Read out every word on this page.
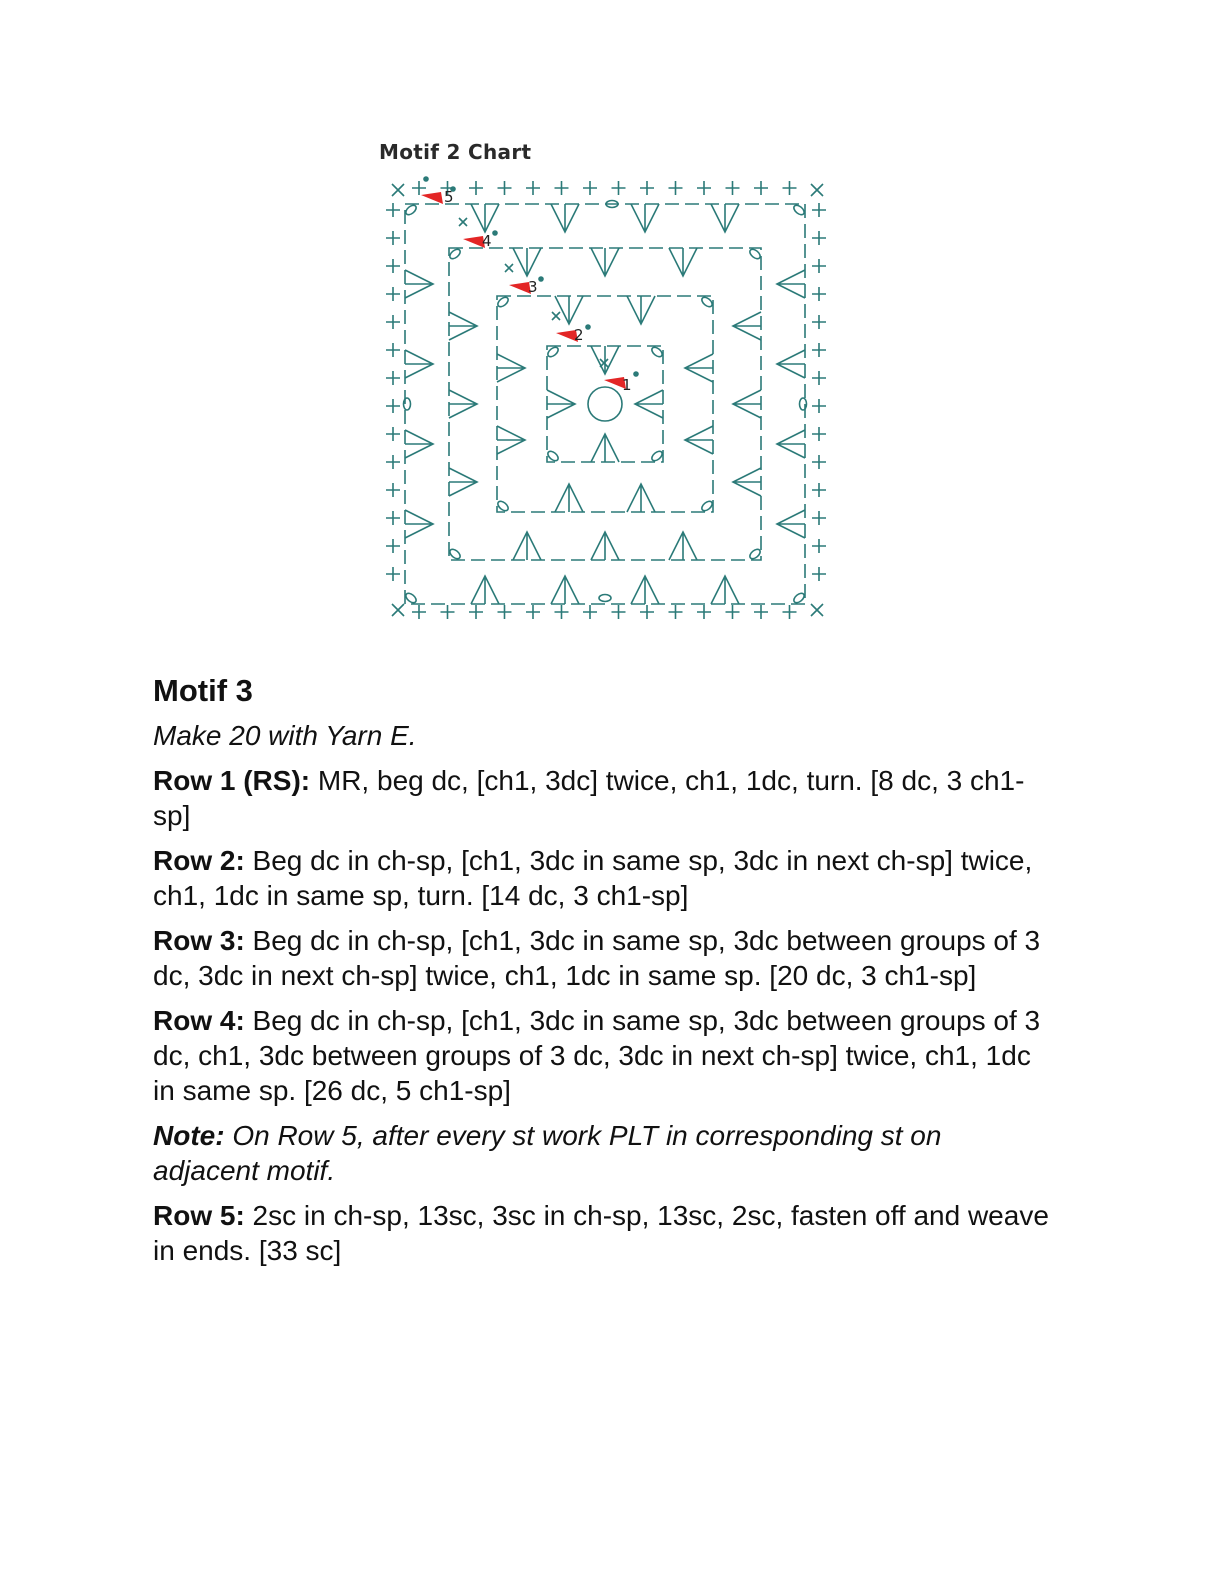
Motif 2 Chart
5
4
3
2
1
Motif 3
Make 20 with Yarn E.
Row 1 (RS): MR, beg dc, [ch1, 3dc] twice, ch1, 1dc, turn. [8 dc, 3 ch1-sp]
Row 2: Beg dc in ch-sp, [ch1, 3dc in same sp, 3dc in next ch-sp] twice, ch1, 1dc in same sp, turn. [14 dc, 3 ch1-sp]
Row 3: Beg dc in ch-sp, [ch1, 3dc in same sp, 3dc between groups of 3 dc, 3dc in next ch-sp] twice, ch1, 1dc in same sp. [20 dc, 3 ch1-sp]
Row 4: Beg dc in ch-sp, [ch1, 3dc in same sp, 3dc between groups of 3 dc, ch1, 3dc between groups of 3 dc, 3dc in next ch-sp] twice, ch1, 1dc in same sp. [26 dc, 5 ch1-sp]
Note: On Row 5, after every st work PLT in corresponding st on adjacent motif.
Row 5: 2sc in ch-sp, 13sc, 3sc in ch-sp, 13sc, 2sc, fasten off and weave in ends. [33 sc]
